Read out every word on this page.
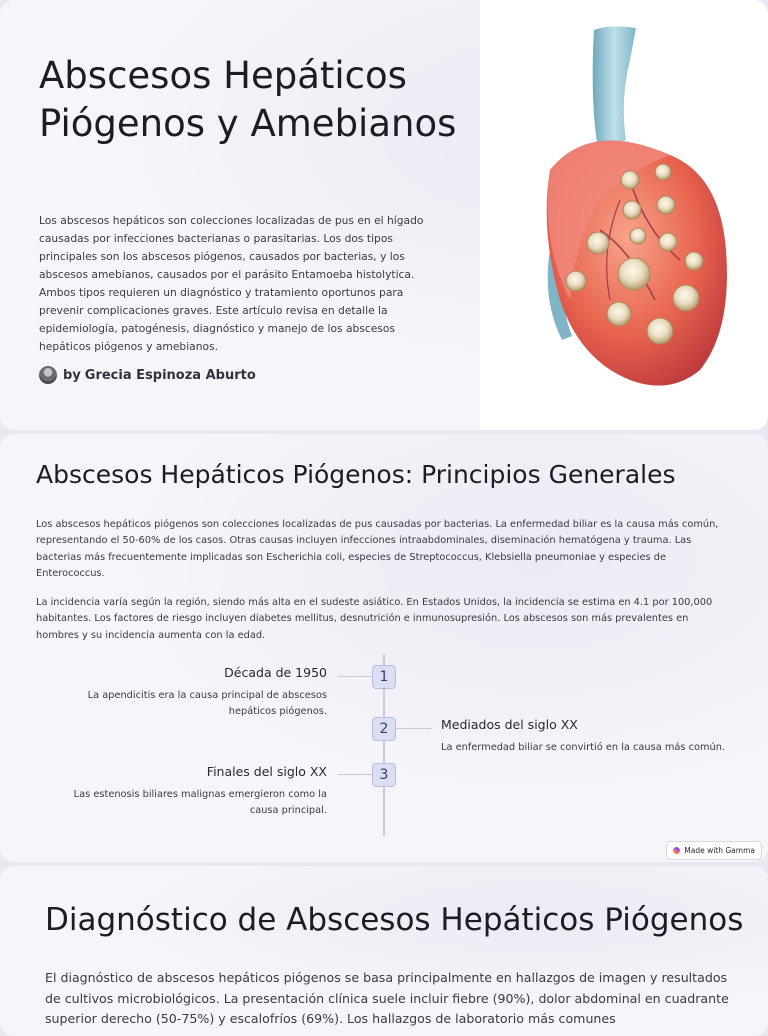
Abscesos Hepáticos Piógenos y Amebianos

Los abscesos hepáticos son colecciones localizadas de pus en el hígado causadas por infecciones bacterianas o parasitarias. Los dos tipos principales son los abscesos piógenos, causados por bacterias, y los abscesos amebianos, causados por el parásito Entamoeba histolytica. Ambos tipos requieren un diagnóstico y tratamiento oportunos para prevenir complicaciones graves. Este artículo revisa en detalle la epidemiología, patogénesis, diagnóstico y manejo de los abscesos hepáticos piógenos y amebianos.

by Grecia Espinoza Aburto
Abscesos Hepáticos Piógenos: Principios Generales

Los abscesos hepáticos piógenos son colecciones localizadas de pus causadas por bacterias. La enfermedad biliar es la causa más común, representando el 50-60% de los casos. Otras causas incluyen infecciones intraabdominales, diseminación hematógena y trauma. Las bacterias más frecuentemente implicadas son Escherichia coli, especies de Streptococcus, Klebsiella pneumoniae y especies de Enterococcus.

La incidencia varía según la región, siendo más alta en el sudeste asiático. En Estados Unidos, la incidencia se estima en 4.1 por 100,000 habitantes. Los factores de riesgo incluyen diabetes mellitus, desnutrición e inmunosupresión. Los abscesos son más prevalentes en hombres y su incidencia aumenta con la edad.

1
Década de 1950
La apendicitis era la causa principal de abscesos hepáticos piógenos.
2	Mediados del siglo XX
La enfermedad biliar se convirtió en la causa más común.
3
Finales del siglo XX
Las estenosis biliares malignas emergieron como la causa principal.
Made with Gamma
Diagnóstico de Abscesos Hepáticos Piógenos

El diagnóstico de abscesos hepáticos piógenos se basa principalmente en hallazgos de imagen y resultados de cultivos microbiológicos. La presentación clínica suele incluir fiebre (90%), dolor abdominal en cuadrante superior derecho (50-75%) y escalofríos (69%). Los hallazgos de laboratorio más comunes
